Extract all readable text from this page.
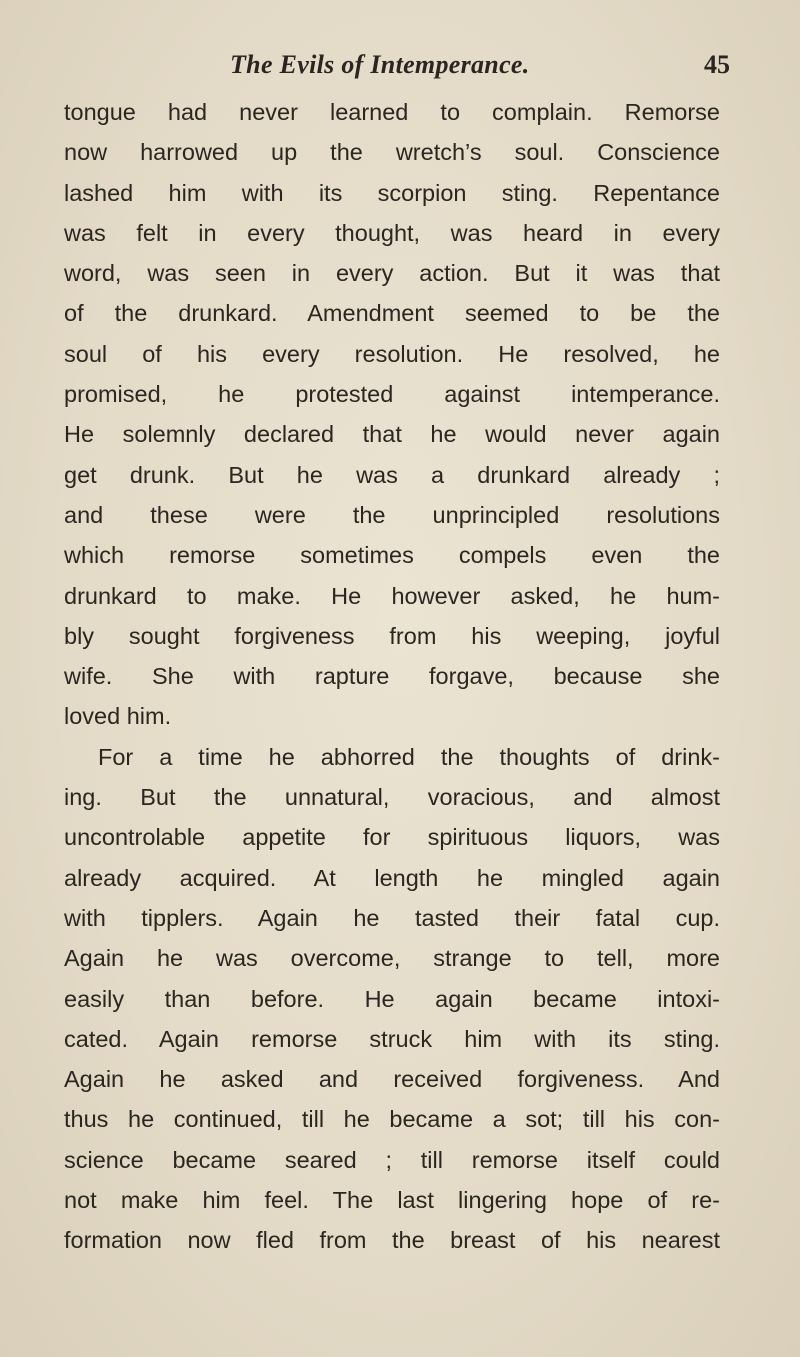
The Evils of Intemperance.	45
tongue had never learned to complain. Remorse
now harrowed up the wretch’s soul. Conscience
lashed him with its scorpion sting. Repentance
was felt in every thought, was heard in every
word, was seen in every action. But it was that
of the drunkard. Amendment seemed to be the
soul of his every resolution. He resolved, he
promised, he protested against intemperance.
He solemnly declared that he would never again
get drunk. But he was a drunkard already ;
and these were the unprincipled resolutions
which remorse sometimes compels even the
drunkard to make. He however asked, he hum-
bly sought forgiveness from his weeping, joyful
wife. She with rapture forgave, because she
loved him.
For a time he abhorred the thoughts of drink-
ing. But the unnatural, voracious, and almost
uncontrolable appetite for spirituous liquors, was
already acquired. At length he mingled again
with tipplers. Again he tasted their fatal cup.
Again he was overcome, strange to tell, more
easily than before. He again became intoxi-
cated. Again remorse struck him with its sting.
Again he asked and received forgiveness. And
thus he continued, till he became a sot; till his con-
science became seared ; till remorse itself could
not make him feel. The last lingering hope of re-
formation now fled from the breast of his nearest
